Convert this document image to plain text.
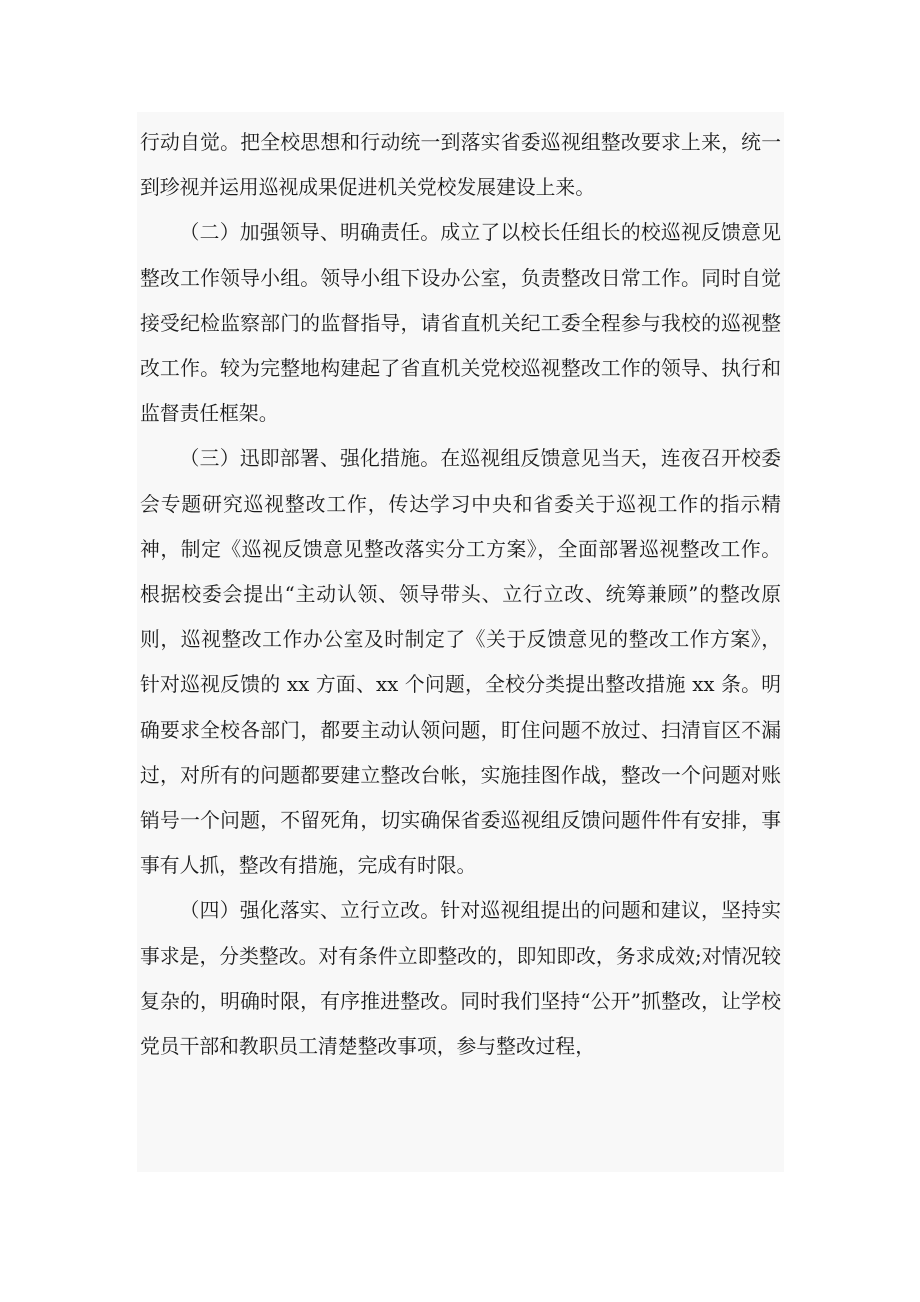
行动自觉。把全校思想和行动统一到落实省委巡视组整改要求上来，统一到珍视并运用巡视成果促进机关党校发展建设上来。

（二）加强领导、明确责任。成立了以校长任组长的校巡视反馈意见整改工作领导小组。领导小组下设办公室，负责整改日常工作。同时自觉接受纪检监察部门的监督指导，请省直机关纪工委全程参与我校的巡视整改工作。较为完整地构建起了省直机关党校巡视整改工作的领导、执行和监督责任框架。

（三）迅即部署、强化措施。在巡视组反馈意见当天，连夜召开校委会专题研究巡视整改工作，传达学习中央和省委关于巡视工作的指示精神，制定《巡视反馈意见整改落实分工方案》，全面部署巡视整改工作。根据校委会提出“主动认领、领导带头、立行立改、统筹兼顾”的整改原则，巡视整改工作办公室及时制定了《关于反馈意见的整改工作方案》，针对巡视反馈的 xx 方面、xx 个问题，全校分类提出整改措施 xx 条。明确要求全校各部门，都要主动认领问题，盯住问题不放过、扫清盲区不漏过，对所有的问题都要建立整改台帐，实施挂图作战，整改一个问题对账销号一个问题，不留死角，切实确保省委巡视组反馈问题件件有安排，事事有人抓，整改有措施，完成有时限。

（四）强化落实、立行立改。针对巡视组提出的问题和建议，坚持实事求是，分类整改。对有条件立即整改的，即知即改，务求成效;对情况较复杂的，明确时限，有序推进整改。同时我们坚持“公开”抓整改，让学校党员干部和教职员工清楚整改事项，参与整改过程，
